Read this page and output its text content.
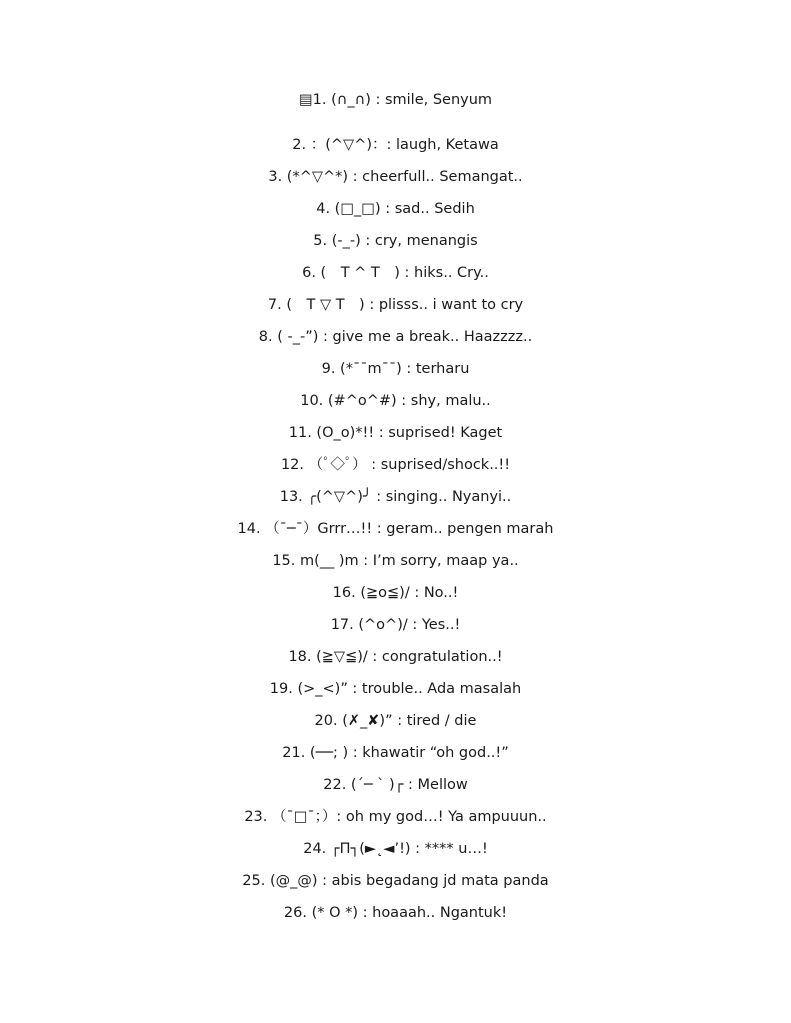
▤1. (∩_∩) : smile, Senyum
2. ：(^▽^)：: laugh, Ketawa
3. (*^▽^*) : cheerfull.. Semangat..
4. (□_□) : sad.. Sedih
5. (‐_‐) : cry, menangis
6. (　T ^ T　) : hiks.. Cry..
7. (　T ▽ T　) : plisss.. i want to cry
8. ( -_-”) : give me a break.. Haazzzz..
9. (*¯¯m¯¯) : terharu
10. (#^o^#) : shy, malu..
11. (O_o)*!! : suprised! Kaget
12. （ﾟ◇ﾟ） : suprised/shock..!!
13. ╭(^▽^)╯ : singing.. Nyanyi..
14. （¯─¯）Grrr…!! : geram.. pengen marah
15. m(__ )m : I’m sorry, maap ya..
16. (≧o≦)/ : No..!
17. (^o^)/ : Yes..!
18. (≧▽≦)/ : congratulation..!
19. (>_<)” : trouble.. Ada masalah
20. (✗_✘)” : tired / die
21. (──; ) : khawatir “oh god..!”
22. (´─ ` )┌ : Mellow
23. （¯□¯；）: oh my god…! Ya ampuuun..
24. ┌Π┐(►˛◄’!) : **** u…!
25. (@_@) : abis begadang jd mata panda
26. (* O *) : hoaaah.. Ngantuk!
